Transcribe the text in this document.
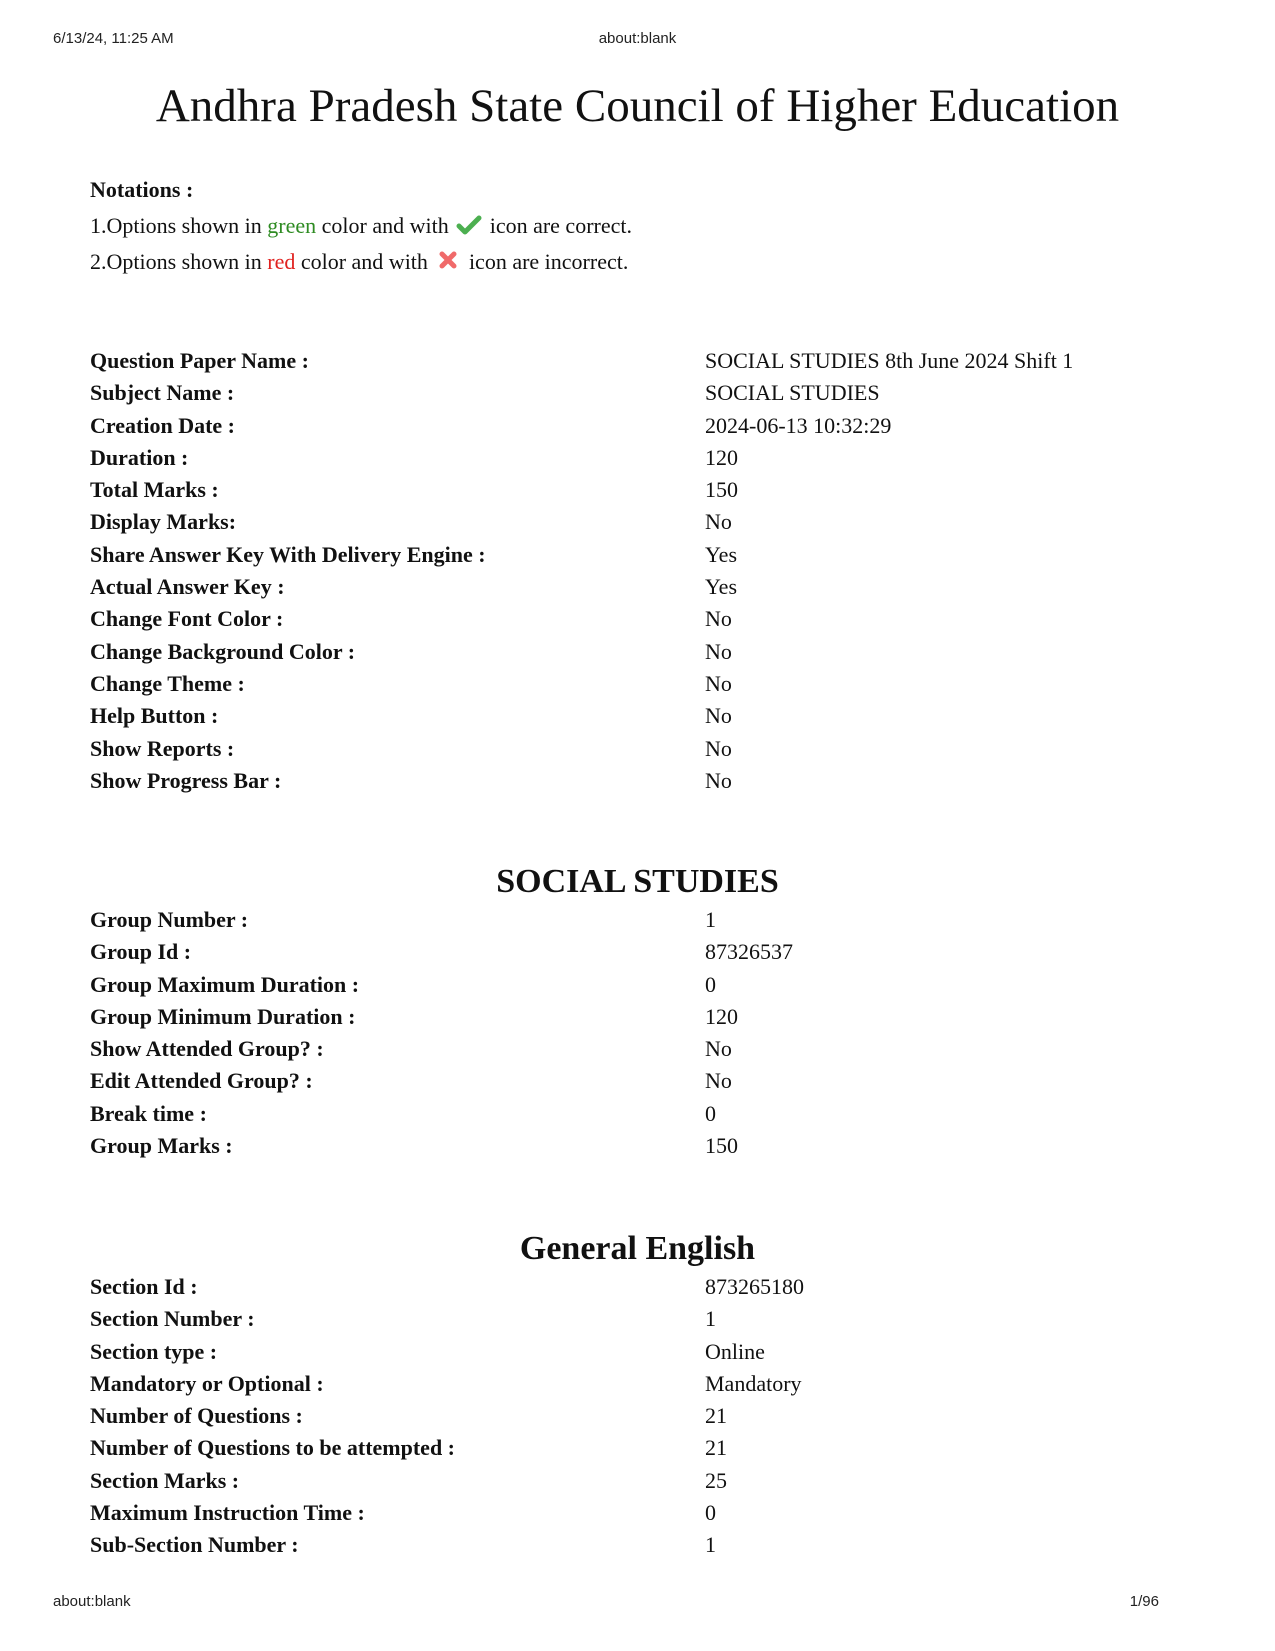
6/13/24, 11:25 AM	about:blank
Andhra Pradesh State Council of Higher Education
Notations :
1.Options shown in green color and with  icon are correct.
2.Options shown in red color and with  icon are incorrect.
Question Paper Name :	SOCIAL STUDIES 8th June 2024 Shift 1
Subject Name :	SOCIAL STUDIES
Creation Date :	2024-06-13 10:32:29
Duration :	120
Total Marks :	150
Display Marks:	No
Share Answer Key With Delivery Engine :	Yes
Actual Answer Key :	Yes
Change Font Color :	No
Change Background Color :	No
Change Theme :	No
Help Button :	No
Show Reports :	No
Show Progress Bar :	No
SOCIAL STUDIES
Group Number :	1
Group Id :	87326537
Group Maximum Duration :	0
Group Minimum Duration :	120
Show Attended Group? :	No
Edit Attended Group? :	No
Break time :	0
Group Marks :	150
General English
Section Id :	873265180
Section Number :	1
Section type :	Online
Mandatory or Optional :	Mandatory
Number of Questions :	21
Number of Questions to be attempted :	21
Section Marks :	25
Maximum Instruction Time :	0
Sub-Section Number :	1
about:blank	1/96
